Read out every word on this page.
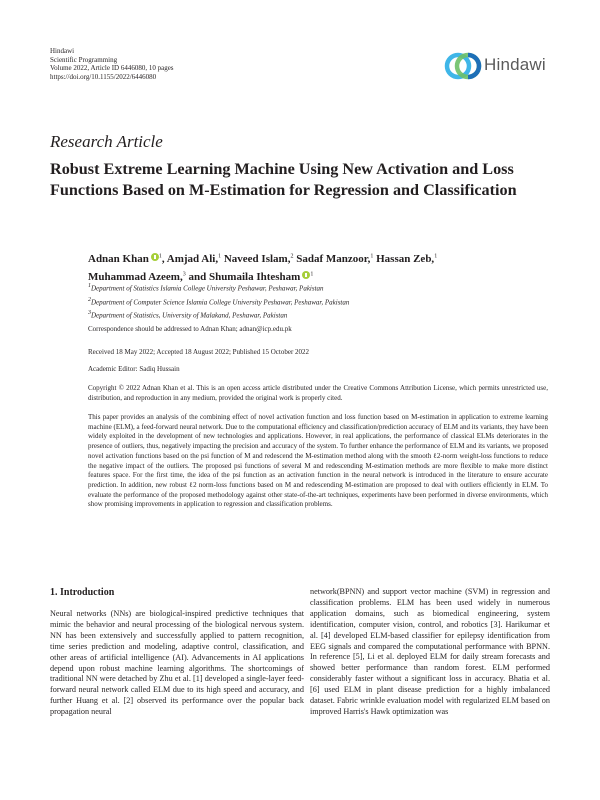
Hindawi
Scientific Programming
Volume 2022, Article ID 6446080, 10 pages
https://doi.org/10.1155/2022/6446080
Hindawi
Research Article
Robust Extreme Learning Machine Using New Activation and Loss Functions Based on M-Estimation for Regression and Classification
Adnan Khan $^1$, Amjad Ali,$^1$ Naveed Islam,$^2$ Sadaf Manzoor,$^1$ Hassan Zeb,$^1$
Muhammad Azeem,$^3$ and Shumaila Ihtesham $^1$
$^1$Department of Statistics Islamia College University Peshawar, Peshawar, Pakistan
$^2$Department of Computer Science Islamia College University Peshawar, Peshawar, Pakistan
$^3$Department of Statistics, University of Malakand, Peshawar, Pakistan
Correspondence should be addressed to Adnan Khan; adnan@icp.edu.pk
Received 18 May 2022; Accepted 18 August 2022; Published 15 October 2022
Academic Editor: Sadiq Hussain
Copyright © 2022 Adnan Khan et al. This is an open access article distributed under the Creative Commons Attribution License, which permits unrestricted use, distribution, and reproduction in any medium, provided the original work is properly cited.
This paper provides an analysis of the combining effect of novel activation function and loss function based on M-estimation in application to extreme learning machine (ELM), a feed-forward neural network. Due to the computational efficiency and classification/prediction accuracy of ELM and its variants, they have been widely exploited in the development of new technologies and applications. However, in real applications, the performance of classical ELMs deteriorates in the presence of outliers, thus, negatively impacting the precision and accuracy of the system. To further enhance the performance of ELM and its variants, we proposed novel activation functions based on the psi function of M and redescend the M-estimation method along with the smooth ℓ2-norm weight-loss functions to reduce the negative impact of the outliers. The proposed psi functions of several M and redescending M-estimation methods are more flexible to make more distinct features space. For the first time, the idea of the psi function as an activation function in the neural network is introduced in the literature to ensure accurate prediction. In addition, new robust ℓ2 norm-loss functions based on M and redescending M-estimation are proposed to deal with outliers efficiently in ELM. To evaluate the performance of the proposed methodology against other state-of-the-art techniques, experiments have been performed in diverse environments, which show promising improvements in application to regression and classification problems.
1. Introduction

Neural networks (NNs) are biological-inspired predictive techniques that mimic the behavior and neural processing of the biological nervous system. NN has been extensively and successfully applied to pattern recognition, time series prediction and modeling, adaptive control, classification, and other areas of artificial intelligence (AI). Advancements in AI applications depend upon robust machine learning algorithms. The shortcomings of traditional NN were detached by Zhu et al. [1] developed a single-layer feed-forward neural network called ELM due to its high speed and accuracy, and further Huang et al. [2] observed its performance over the popular back propagation neural

network(BPNN) and support vector machine (SVM) in regression and classification problems. ELM has been used widely in numerous application domains, such as biomedical engineering, system identification, computer vision, control, and robotics [3]. Harikumar et al. [4] developed ELM-based classifier for epilepsy identification from EEG signals and compared the computational performance with BPNN. In reference [5], Li et al. deployed ELM for daily stream forecasts and showed better performance than random forest. ELM performed considerably faster without a significant loss in accuracy. Bhatia et al. [6] used ELM in plant disease prediction for a highly imbalanced dataset. Fabric wrinkle evaluation model with regularized ELM based on improved Harris's Hawk optimization was
